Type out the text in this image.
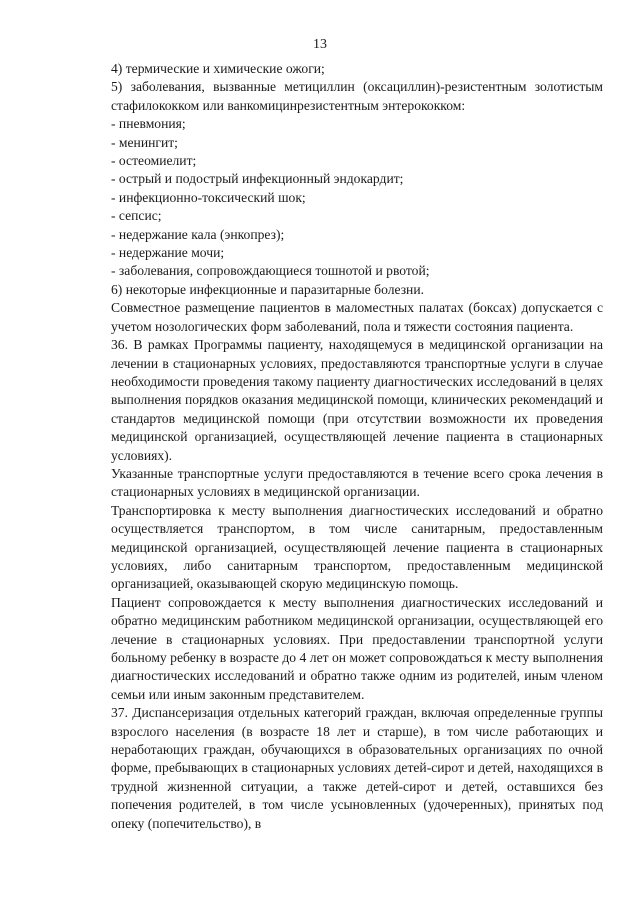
13

4) термические и химические ожоги;

5) заболевания, вызванные метициллин (оксациллин)-резистентным золотистым стафилококком или ванкомицинрезистентным энтерококком:

- пневмония;

- менингит;

- остеомиелит;

- острый и подострый инфекционный эндокардит;

- инфекционно-токсический шок;

- сепсис;

- недержание кала (энкопрез);

- недержание мочи;

- заболевания, сопровождающиеся тошнотой и рвотой;

6) некоторые инфекционные и паразитарные болезни.

Совместное размещение пациентов в маломестных палатах (боксах) допускается с учетом нозологических форм заболеваний, пола и тяжести состояния пациента.

36. В рамках Программы пациенту, находящемуся в медицинской организации на лечении в стационарных условиях, предоставляются транспортные услуги в случае необходимости проведения такому пациенту диагностических исследований в целях выполнения порядков оказания медицинской помощи, клинических рекомендаций и стандартов медицинской помощи (при отсутствии возможности их проведения медицинской организацией, осуществляющей лечение пациента в стационарных условиях).

Указанные транспортные услуги предоставляются в течение всего срока лечения в стационарных условиях в медицинской организации.

Транспортировка к месту выполнения диагностических исследований и обратно осуществляется транспортом, в том числе санитарным, предоставленным медицинской организацией, осуществляющей лечение пациента в стационарных условиях, либо санитарным транспортом, предоставленным медицинской организацией, оказывающей скорую медицинскую помощь.

Пациент сопровождается к месту выполнения диагностических исследований и обратно медицинским работником медицинской организации, осуществляющей его лечение в стационарных условиях. При предоставлении транспортной услуги больному ребенку в возрасте до 4 лет он может сопровождаться к месту выполнения диагностических исследований и обратно также одним из родителей, иным членом семьи или иным законным представителем.

37. Диспансеризация отдельных категорий граждан, включая определенные группы взрослого населения (в возрасте 18 лет и старше), в том числе работающих и неработающих граждан, обучающихся в образовательных организациях по очной форме, пребывающих в стационарных условиях детей-сирот и детей, находящихся в трудной жизненной ситуации, а также детей-сирот и детей, оставшихся без попечения родителей, в том числе усыновленных (удочеренных), принятых под опеку (попечительство), в
